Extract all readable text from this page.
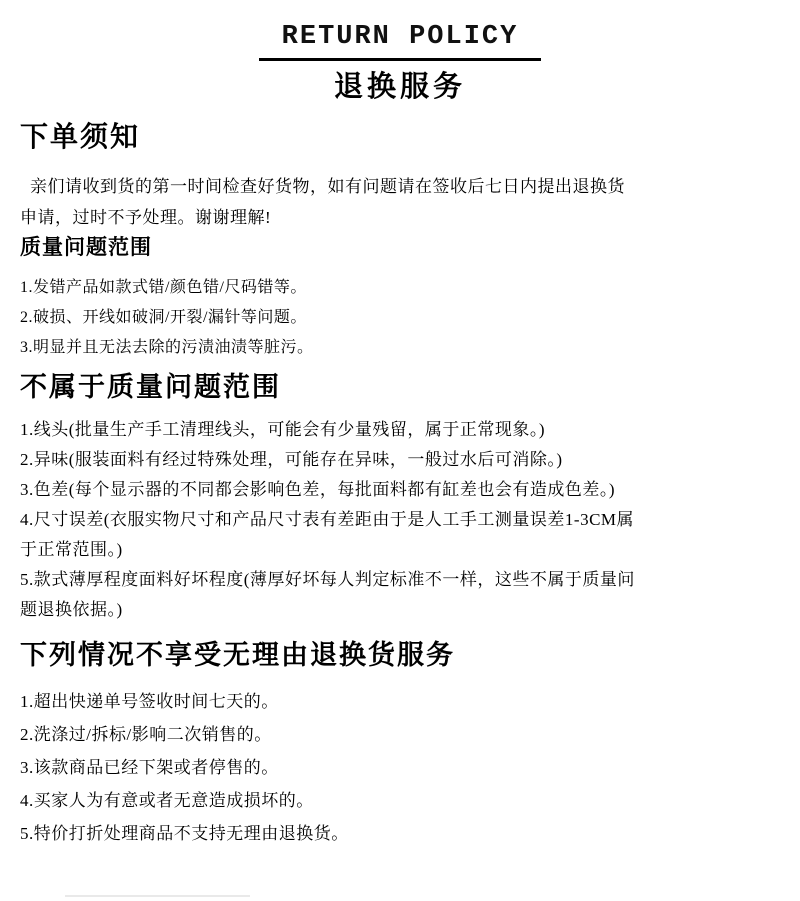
RETURN POLICY
退换服务
下单须知

亲们请收到货的第一时间检查好货物，如有问题请在签收后七日内提出退换货申请，过时不予处理。谢谢理解!

质量问题范围

1.发错产品如款式错/颜色错/尺码错等。

2.破损、开线如破洞/开裂/漏针等问题。

3.明显并且无法去除的污渍油渍等脏污。

不属于质量问题范围

1.线头(批量生产手工清理线头，可能会有少量残留，属于正常现象。)

2.异味(服装面料有经过特殊处理，可能存在异味，一般过水后可消除。)

3.色差(每个显示器的不同都会影响色差，每批面料都有缸差也会有造成色差。)

4.尺寸误差(衣服实物尺寸和产品尺寸表有差距由于是人工手工测量误差1-3CM属于正常范围。)

5.款式薄厚程度面料好坏程度(薄厚好坏每人判定标准不一样，这些不属于质量问题退换依据。)

下列情况不享受无理由退换货服务

1.超出快递单号签收时间七天的。

2.洗涤过/拆标/影响二次销售的。

3.该款商品已经下架或者停售的。

4.买家人为有意或者无意造成损坏的。

5.特价打折处理商品不支持无理由退换货。
